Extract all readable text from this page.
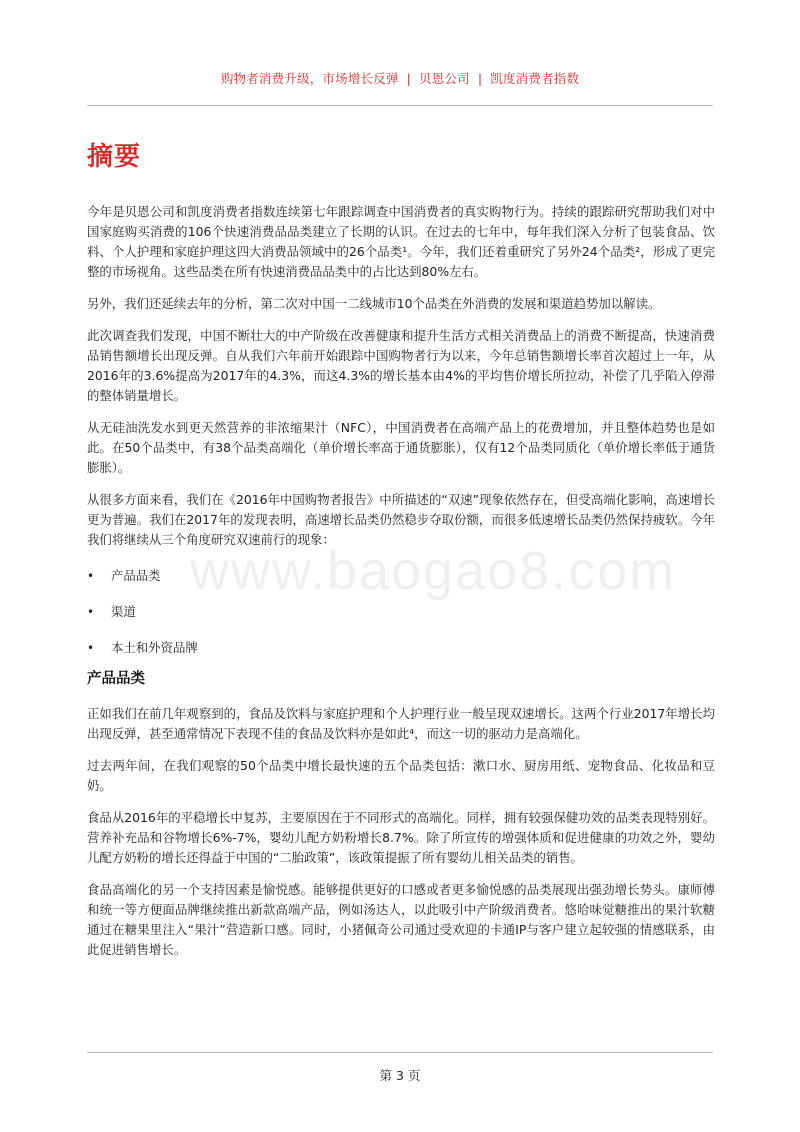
购物者消费升级，市场增长反弹 | 贝恩公司 | 凯度消费者指数
www.baogao8.com
摘要

今年是贝恩公司和凯度消费者指数连续第七年跟踪调查中国消费者的真实购物行为。持续的跟踪研究帮助我们对中国家庭购买消费的106个快速消费品品类建立了长期的认识。在过去的七年中，每年我们深入分析了包装食品、饮料、个人护理和家庭护理这四大消费品领域中的26个品类¹。今年，我们还着重研究了另外24个品类²，形成了更完整的市场视角。这些品类在所有快速消费品品类中的占比达到80%左右。

另外，我们还延续去年的分析，第二次对中国一二线城市10个品类在外消费的发展和渠道趋势加以解读。

此次调查我们发现，中国不断壮大的中产阶级在改善健康和提升生活方式相关消费品上的消费不断提高，快速消费品销售额增长出现反弹。自从我们六年前开始跟踪中国购物者行为以来，今年总销售额增长率首次超过上一年，从2016年的3.6%提高为2017年的4.3%，而这4.3%的增长基本由4%的平均售价增长所拉动，补偿了几乎陷入停滞的整体销量增长。

从无硅油洗发水到更天然营养的非浓缩果汁（NFC），中国消费者在高端产品上的花费增加，并且整体趋势也是如此。在50个品类中，有38个品类高端化（单价增长率高于通货膨胀），仅有12个品类同质化（单价增长率低于通货膨胀）。

从很多方面来看，我们在《2016年中国购物者报告》中所描述的“双速”现象依然存在，但受高端化影响，高速增长更为普遍。我们在2017年的发现表明，高速增长品类仍然稳步夺取份额，而很多低速增长品类仍然保持疲软。今年我们将继续从三个角度研究双速前行的现象：

• 产品品类
• 渠道
• 本土和外资品牌
产品品类

正如我们在前几年观察到的，食品及饮料与家庭护理和个人护理行业一般呈现双速增长。这两个行业2017年增长均出现反弹，甚至通常情况下表现不佳的食品及饮料亦是如此⁴，而这一切的驱动力是高端化。

过去两年间，在我们观察的50个品类中增长最快速的五个品类包括：漱口水、厨房用纸、宠物食品、化妆品和豆奶。

食品从2016年的平稳增长中复苏，主要原因在于不同形式的高端化。同样，拥有较强保健功效的品类表现特别好。营养补充品和谷物增长6%-7%，婴幼儿配方奶粉增长8.7%。除了所宣传的增强体质和促进健康的功效之外，婴幼儿配方奶粉的增长还得益于中国的“二胎政策”，该政策提振了所有婴幼儿相关品类的销售。

食品高端化的另一个支持因素是愉悦感。能够提供更好的口感或者更多愉悦感的品类展现出强劲增长势头。康师傅和统一等方便面品牌继续推出新款高端产品，例如汤达人，以此吸引中产阶级消费者。悠哈味觉糖推出的果汁软糖通过在糖果里注入“果汁”营造新口感。同时，小猪佩奇公司通过受欢迎的卡通IP与客户建立起较强的情感联系，由此促进销售增长。

第 3 页
